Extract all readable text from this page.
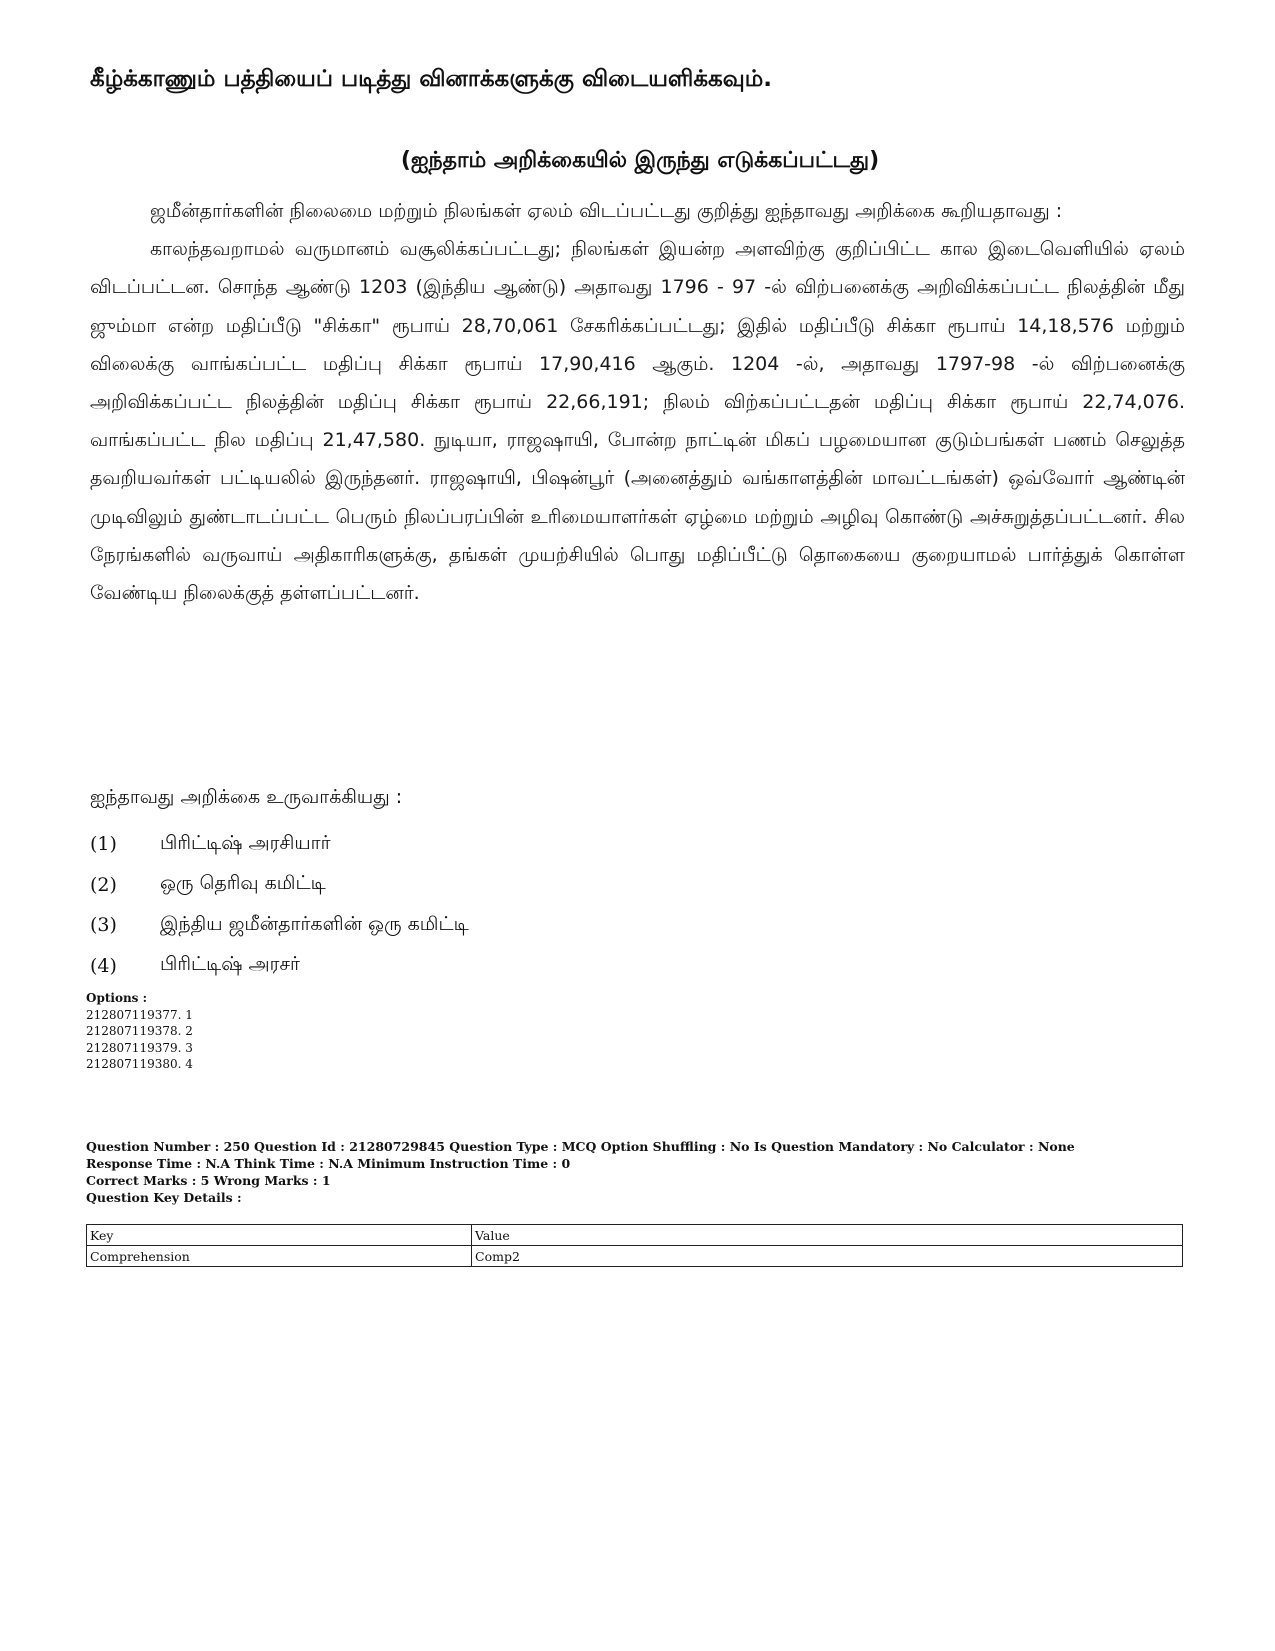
கீழ்க்காணும் பத்தியைப் படித்து வினாக்களுக்கு விடையளிக்கவும்.
(ஐந்தாம் அறிக்கையில் இருந்து எடுக்கப்பட்டது)

ஜமீன்தார்களின் நிலைமை மற்றும் நிலங்கள் ஏலம் விடப்பட்டது குறித்து ஐந்தாவது அறிக்கை கூறியதாவது :

காலந்தவறாமல் வருமானம் வசூலிக்கப்பட்டது; நிலங்கள் இயன்ற அளவிற்கு குறிப்பிட்ட கால இடைவெளியில் ஏலம் விடப்பட்டன. சொந்த ஆண்டு 1203 (இந்திய ஆண்டு) அதாவது 1796 - 97 -ல் விற்பனைக்கு அறிவிக்கப்பட்ட நிலத்தின் மீது ஜும்மா என்ற மதிப்பீடு "சிக்கா" ரூபாய் 28,70,061 சேகரிக்கப்பட்டது; இதில் மதிப்பீடு சிக்கா ரூபாய் 14,18,576 மற்றும் விலைக்கு வாங்கப்பட்ட மதிப்பு சிக்கா ரூபாய் 17,90,416 ஆகும். 1204 -ல், அதாவது 1797-98 -ல் விற்பனைக்கு அறிவிக்கப்பட்ட நிலத்தின் மதிப்பு சிக்கா ரூபாய் 22,66,191; நிலம் விற்கப்பட்டதன் மதிப்பு சிக்கா ரூபாய் 22,74,076. வாங்கப்பட்ட நில மதிப்பு 21,47,580. நுடியா, ராஜஷாயி, போன்ற நாட்டின் மிகப் பழமையான குடும்பங்கள் பணம் செலுத்த தவறியவர்கள் பட்டியலில் இருந்தனர். ராஜஷாயி, பிஷன்பூர் (அனைத்தும் வங்காளத்தின் மாவட்டங்கள்) ஒவ்வோர் ஆண்டின் முடிவிலும் துண்டாடப்பட்ட பெரும் நிலப்பரப்பின் உரிமையாளர்கள் ஏழ்மை மற்றும் அழிவு கொண்டு அச்சுறுத்தப்பட்டனர். சில நேரங்களில் வருவாய் அதிகாரிகளுக்கு, தங்கள் முயற்சியில் பொது மதிப்பீட்டு தொகையை குறையாமல் பார்த்துக் கொள்ள வேண்டிய நிலைக்குத் தள்ளப்பட்டனர்.

ஐந்தாவது அறிக்கை உருவாக்கியது :
(1)	பிரிட்டிஷ் அரசியார்
(2)	ஒரு தெரிவு கமிட்டி
(3)	இந்திய ஜமீன்தார்களின் ஒரு கமிட்டி
(4)	பிரிட்டிஷ் அரசர்
Options :
212807119377. 1
212807119378. 2
212807119379. 3
212807119380. 4
Question Number : 250 Question Id : 21280729845 Question Type : MCQ Option Shuffling : No Is Question Mandatory : No Calculator : None
Response Time : N.A Think Time : N.A Minimum Instruction Time : 0
Correct Marks : 5 Wrong Marks : 1
Question Key Details :
Key	Value
Comprehension	Comp2
